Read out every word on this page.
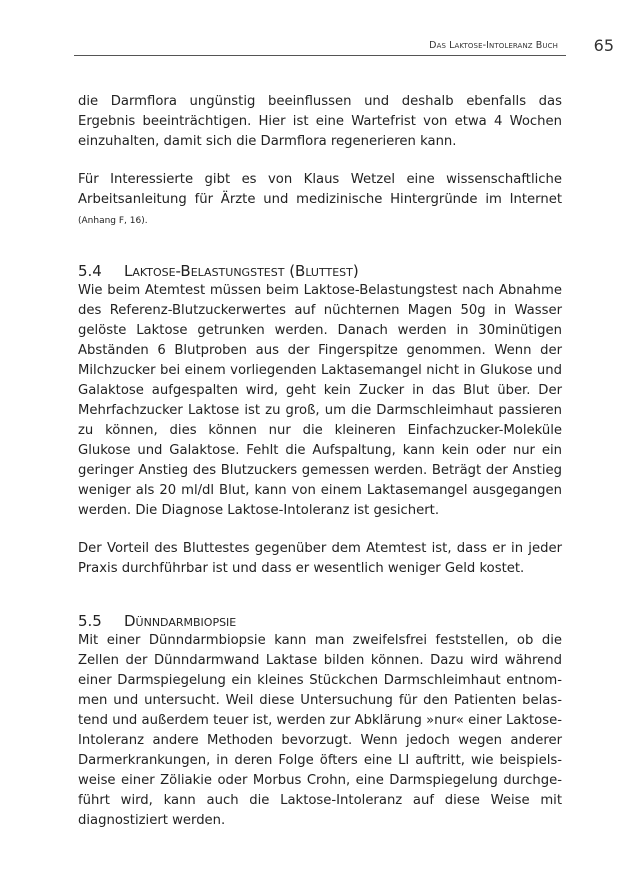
Das Laktose-Intoleranz Buch 65

die Darmflora ungünstig beeinflussen und deshalb ebenfalls das Ergebnis beeinträchtigen. Hier ist eine Wartefrist von etwa 4 Wochen einzuhalten, damit sich die Darmflora regenerieren kann.

Für Interessierte gibt es von Klaus Wetzel eine wissenschaftliche Arbeitsanleitung für Ärzte und medizinische Hintergründe im Internet (Anhang F, 16).

5.4 Laktose-Belastungstest (Bluttest)

Wie beim Atemtest müssen beim Laktose-Belastungstest nach Abnahme des Referenz-Blutzuckerwertes auf nüchternen Magen 50g in Wasser gelöste Laktose getrunken werden. Danach werden in 30minütigen Abständen 6 Blutproben aus der Fingerspitze genommen. Wenn der Milchzucker bei einem vorliegenden Laktasemangel nicht in Glukose und Galaktose aufgespalten wird, geht kein Zucker in das Blut über. Der Mehrfachzucker Laktose ist zu groß, um die Darmschleimhaut passieren zu können, dies können nur die kleineren Einfachzucker-Moleküle Glukose und Galaktose. Fehlt die Aufspaltung, kann kein oder nur ein geringer Anstieg des Blutzuckers gemessen werden. Beträgt der Anstieg weniger als 20 ml/dl Blut, kann von einem Laktasemangel ausgegangen werden. Die Diagnose Laktose-Intoleranz ist gesichert.

Der Vorteil des Bluttestes gegenüber dem Atemtest ist, dass er in jeder Praxis durchführbar ist und dass er wesentlich weniger Geld kostet.

5.5 Dünndarmbiopsie

Mit einer Dünndarmbiopsie kann man zweifelsfrei feststellen, ob die Zellen der Dünndarmwand Laktase bilden können. Dazu wird während einer Darmspiegelung ein kleines Stückchen Darmschleimhaut entnommen und untersucht. Weil diese Untersuchung für den Patienten belastend und außerdem teuer ist, werden zur Abklärung »nur« einer Laktose-Intoleranz andere Methoden bevorzugt. Wenn jedoch wegen anderer Darmerkrankungen, in deren Folge öfters eine LI auftritt, wie beispielsweise einer Zöliakie oder Morbus Crohn, eine Darmspiegelung durchgeführt wird, kann auch die Laktose-Intoleranz auf diese Weise mit diagnostiziert werden.
